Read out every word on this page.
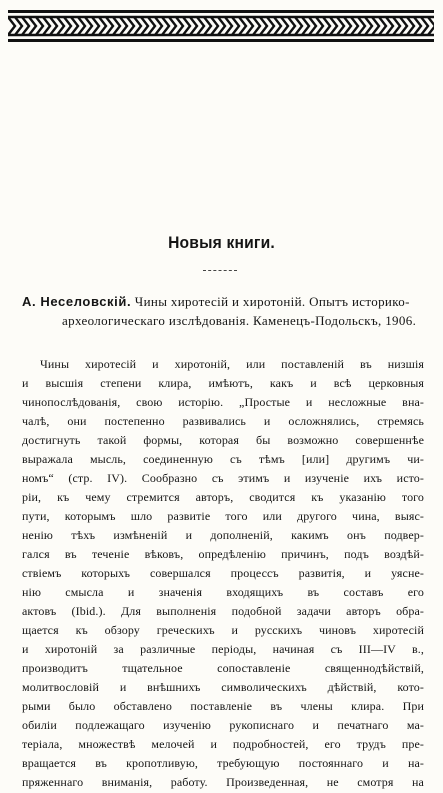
Новыя книги.
А. Неселовскій. Чины хиротесій и хиротоній. Опытъ историко-археологическаго изслѣдованія. Каменецъ-Подольскъ, 1906.
Чины хиротесій и хиротоній, или поставленій въ низшія
и высшія степени клира, имѣютъ, какъ и всѣ церковныя
чинопослѣдованія, свою исторію. „Простые и несложные вна-
чалѣ, они постепенно развивались и осложнялись, стремясь
достигнуть такой формы, которая бы возможно совершеннѣе
выражала мысль, соединенную съ тѣмъ [или] другимъ чи-
номъ“ (стр. IV). Сообразно съ этимъ и изученіе ихъ исто-
ріи, къ чему стремится авторъ, сводится къ указанію того
пути, которымъ шло развитіе того или другого чина, выяс-
ненію тѣхъ измѣненій и дополненій, какимъ онъ подвер-
гался въ теченіе вѣковъ, опредѣленію причинъ, подъ воздѣй-
ствіемъ которыхъ совершался процессъ развитія, и уясне-
нію смысла и значенія входящихъ въ составъ его
актовъ (Ibid.). Для выполненія подобной задачи авторъ обра-
щается къ обзору греческихъ и русскихъ чиновъ хиротесій
и хиротоній за различные періоды, начиная съ III—IV в.,
производитъ тщательное сопоставленіе священнодѣйствій,
молитвословій и внѣшнихъ символическихъ дѣйствій, кото-
рыми было обставлено поставленіе въ члены клира. При
обиліи подлежащаго изученію рукописнаго и печатнаго ма-
теріала, множествѣ мелочей и подробностей, его трудъ пре-
вращается въ кропотливую, требующую постояннаго и на-
пряженнаго вниманія, работу. Произведенная, не смотря на
